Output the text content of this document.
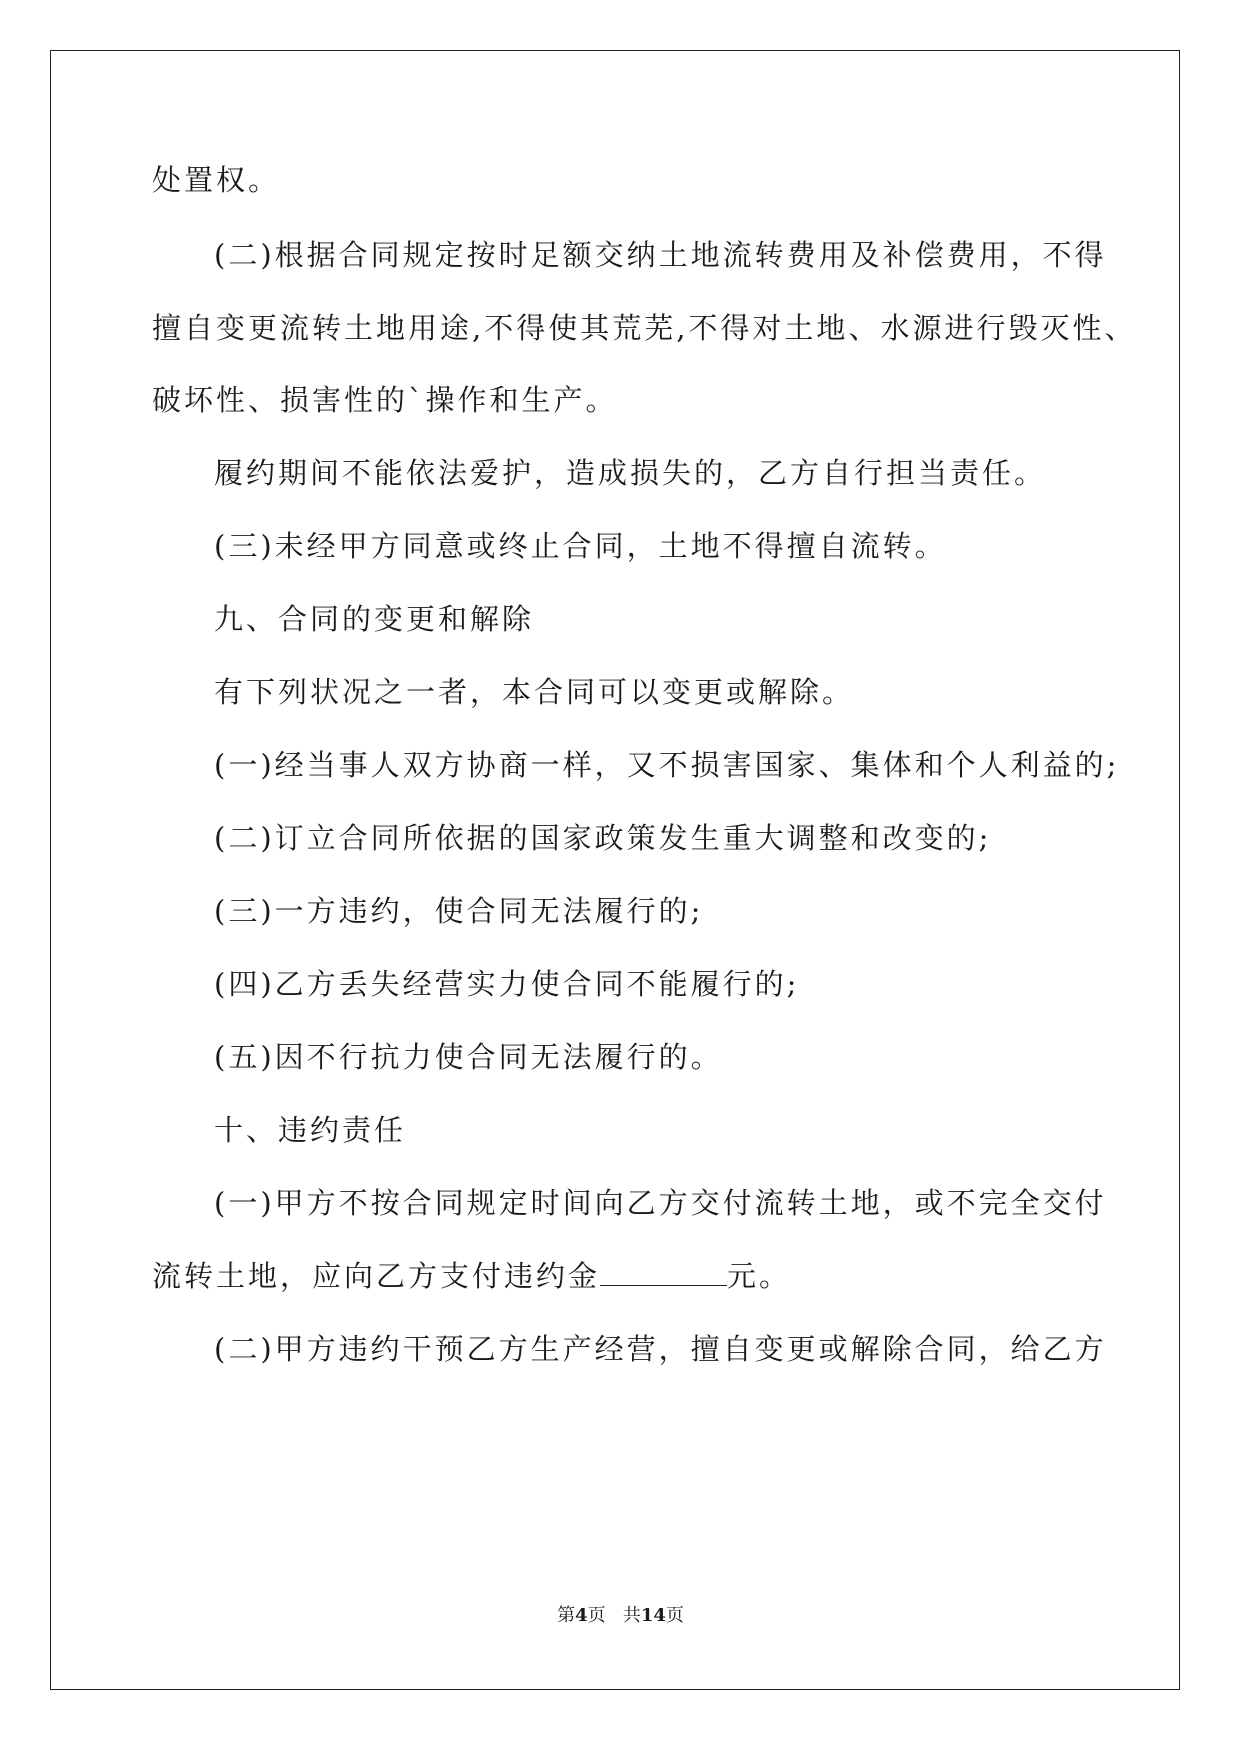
处置权。
(二)根据合同规定按时足额交纳土地流转费用及补偿费用，不得
擅自变更流转土地用途,不得使其荒芜,不得对土地、水源进行毁灭性、
破坏性、损害性的`操作和生产。
履约期间不能依法爱护，造成损失的，乙方自行担当责任。
(三)未经甲方同意或终止合同，土地不得擅自流转。
九、合同的变更和解除
有下列状况之一者，本合同可以变更或解除。
(一)经当事人双方协商一样，又不损害国家、集体和个人利益的;
(二)订立合同所依据的国家政策发生重大调整和改变的;
(三)一方违约，使合同无法履行的;
(四)乙方丢失经营实力使合同不能履行的;
(五)因不行抗力使合同无法履行的。
十、违约责任
(一)甲方不按合同规定时间向乙方交付流转土地，或不完全交付
流转土地，应向乙方支付违约金	元。
(二)甲方违约干预乙方生产经营，擅自变更或解除合同，给乙方
第4页 共14页
